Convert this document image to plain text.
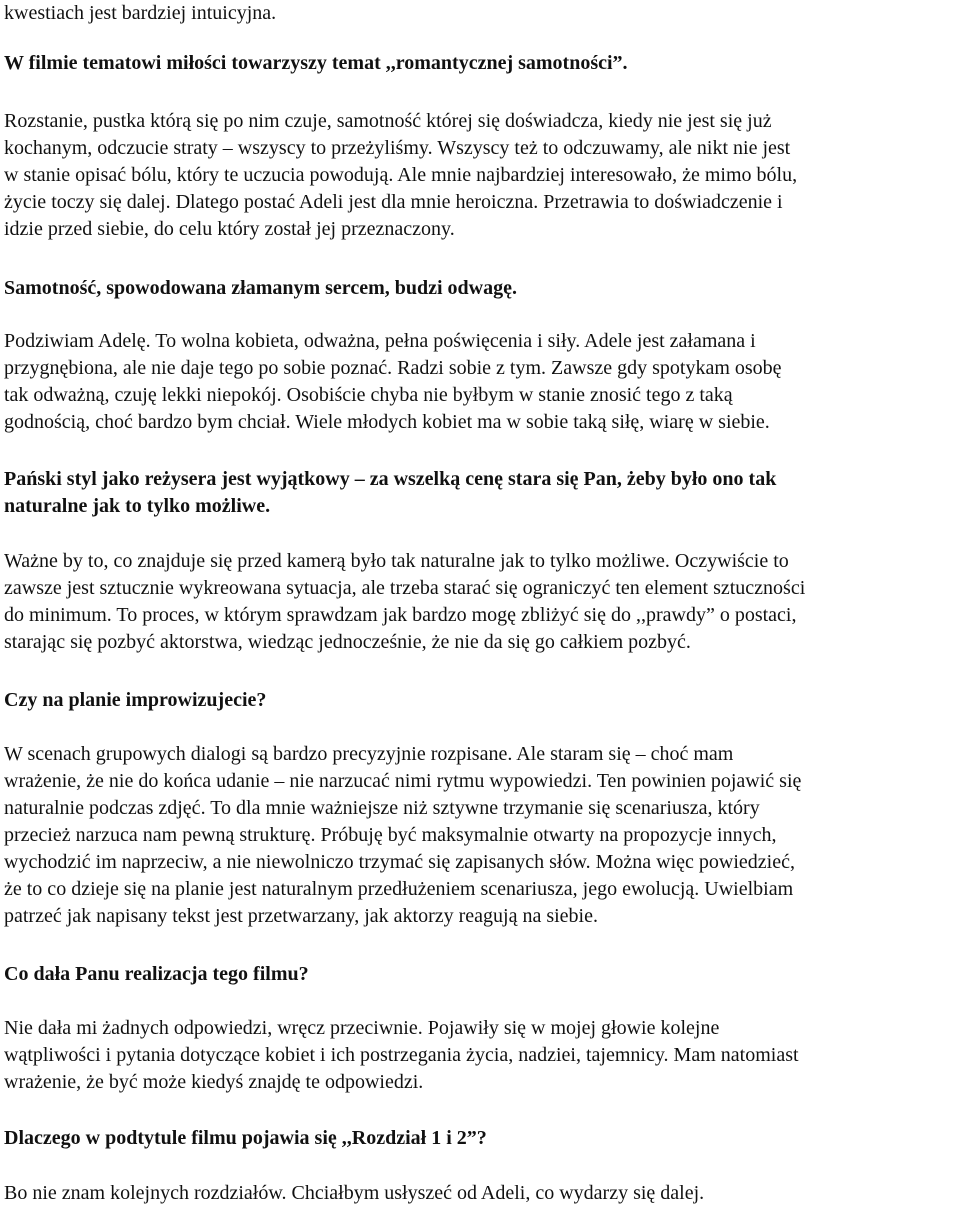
kwestiach jest bardziej intuicyjna.

W filmie tematowi miłości towarzyszy temat ,,romantycznej samotności”.

Rozstanie, pustka którą się po nim czuje, samotność której się doświadcza, kiedy nie jest się już

kochanym, odczucie straty – wszyscy to przeżyliśmy. Wszyscy też to odczuwamy, ale nikt nie jest

w stanie opisać bólu, który te uczucia powodują. Ale mnie najbardziej interesowało, że mimo bólu,

życie toczy się dalej. Dlatego postać Adeli jest dla mnie heroiczna. Przetrawia to doświadczenie i

idzie przed siebie, do celu który został jej przeznaczony.

Samotność, spowodowana złamanym sercem, budzi odwagę.

Podziwiam Adelę. To wolna kobieta, odważna, pełna poświęcenia i siły. Adele jest załamana i

przygnębiona, ale nie daje tego po sobie poznać. Radzi sobie z tym. Zawsze gdy spotykam osobę

tak odważną, czuję lekki niepokój. Osobiście chyba nie byłbym w stanie znosić tego z taką

godnością, choć bardzo bym chciał. Wiele młodych kobiet ma w sobie taką siłę, wiarę w siebie.

Pański styl jako reżysera jest wyjątkowy – za wszelką cenę stara się Pan, żeby było ono tak

naturalne jak to tylko możliwe.

Ważne by to, co znajduje się przed kamerą było tak naturalne jak to tylko możliwe. Oczywiście to

zawsze jest sztucznie wykreowana sytuacja, ale trzeba starać się ograniczyć ten element sztuczności

do minimum. To proces, w którym sprawdzam jak bardzo mogę zbliżyć się do ,,prawdy” o postaci,

starając się pozbyć aktorstwa, wiedząc jednocześnie, że nie da się go całkiem pozbyć.

Czy na planie improwizujecie?

W scenach grupowych dialogi są bardzo precyzyjnie rozpisane. Ale staram się – choć mam

wrażenie, że nie do końca udanie – nie narzucać nimi rytmu wypowiedzi. Ten powinien pojawić się

naturalnie podczas zdjęć. To dla mnie ważniejsze niż sztywne trzymanie się scenariusza, który

przecież narzuca nam pewną strukturę. Próbuję być maksymalnie otwarty na propozycje innych,

wychodzić im naprzeciw, a nie niewolniczo trzymać się zapisanych słów. Można więc powiedzieć,

że to co dzieje się na planie jest naturalnym przedłużeniem scenariusza, jego ewolucją. Uwielbiam

patrzeć jak napisany tekst jest przetwarzany, jak aktorzy reagują na siebie.

Co dała Panu realizacja tego filmu?

Nie dała mi żadnych odpowiedzi, wręcz przeciwnie. Pojawiły się w mojej głowie kolejne

wątpliwości i pytania dotyczące kobiet i ich postrzegania życia, nadziei, tajemnicy. Mam natomiast

wrażenie, że być może kiedyś znajdę te odpowiedzi.

Dlaczego w podtytule filmu pojawia się ,,Rozdział 1 i 2”?

Bo nie znam kolejnych rozdziałów. Chciałbym usłyszeć od Adeli, co wydarzy się dalej.
